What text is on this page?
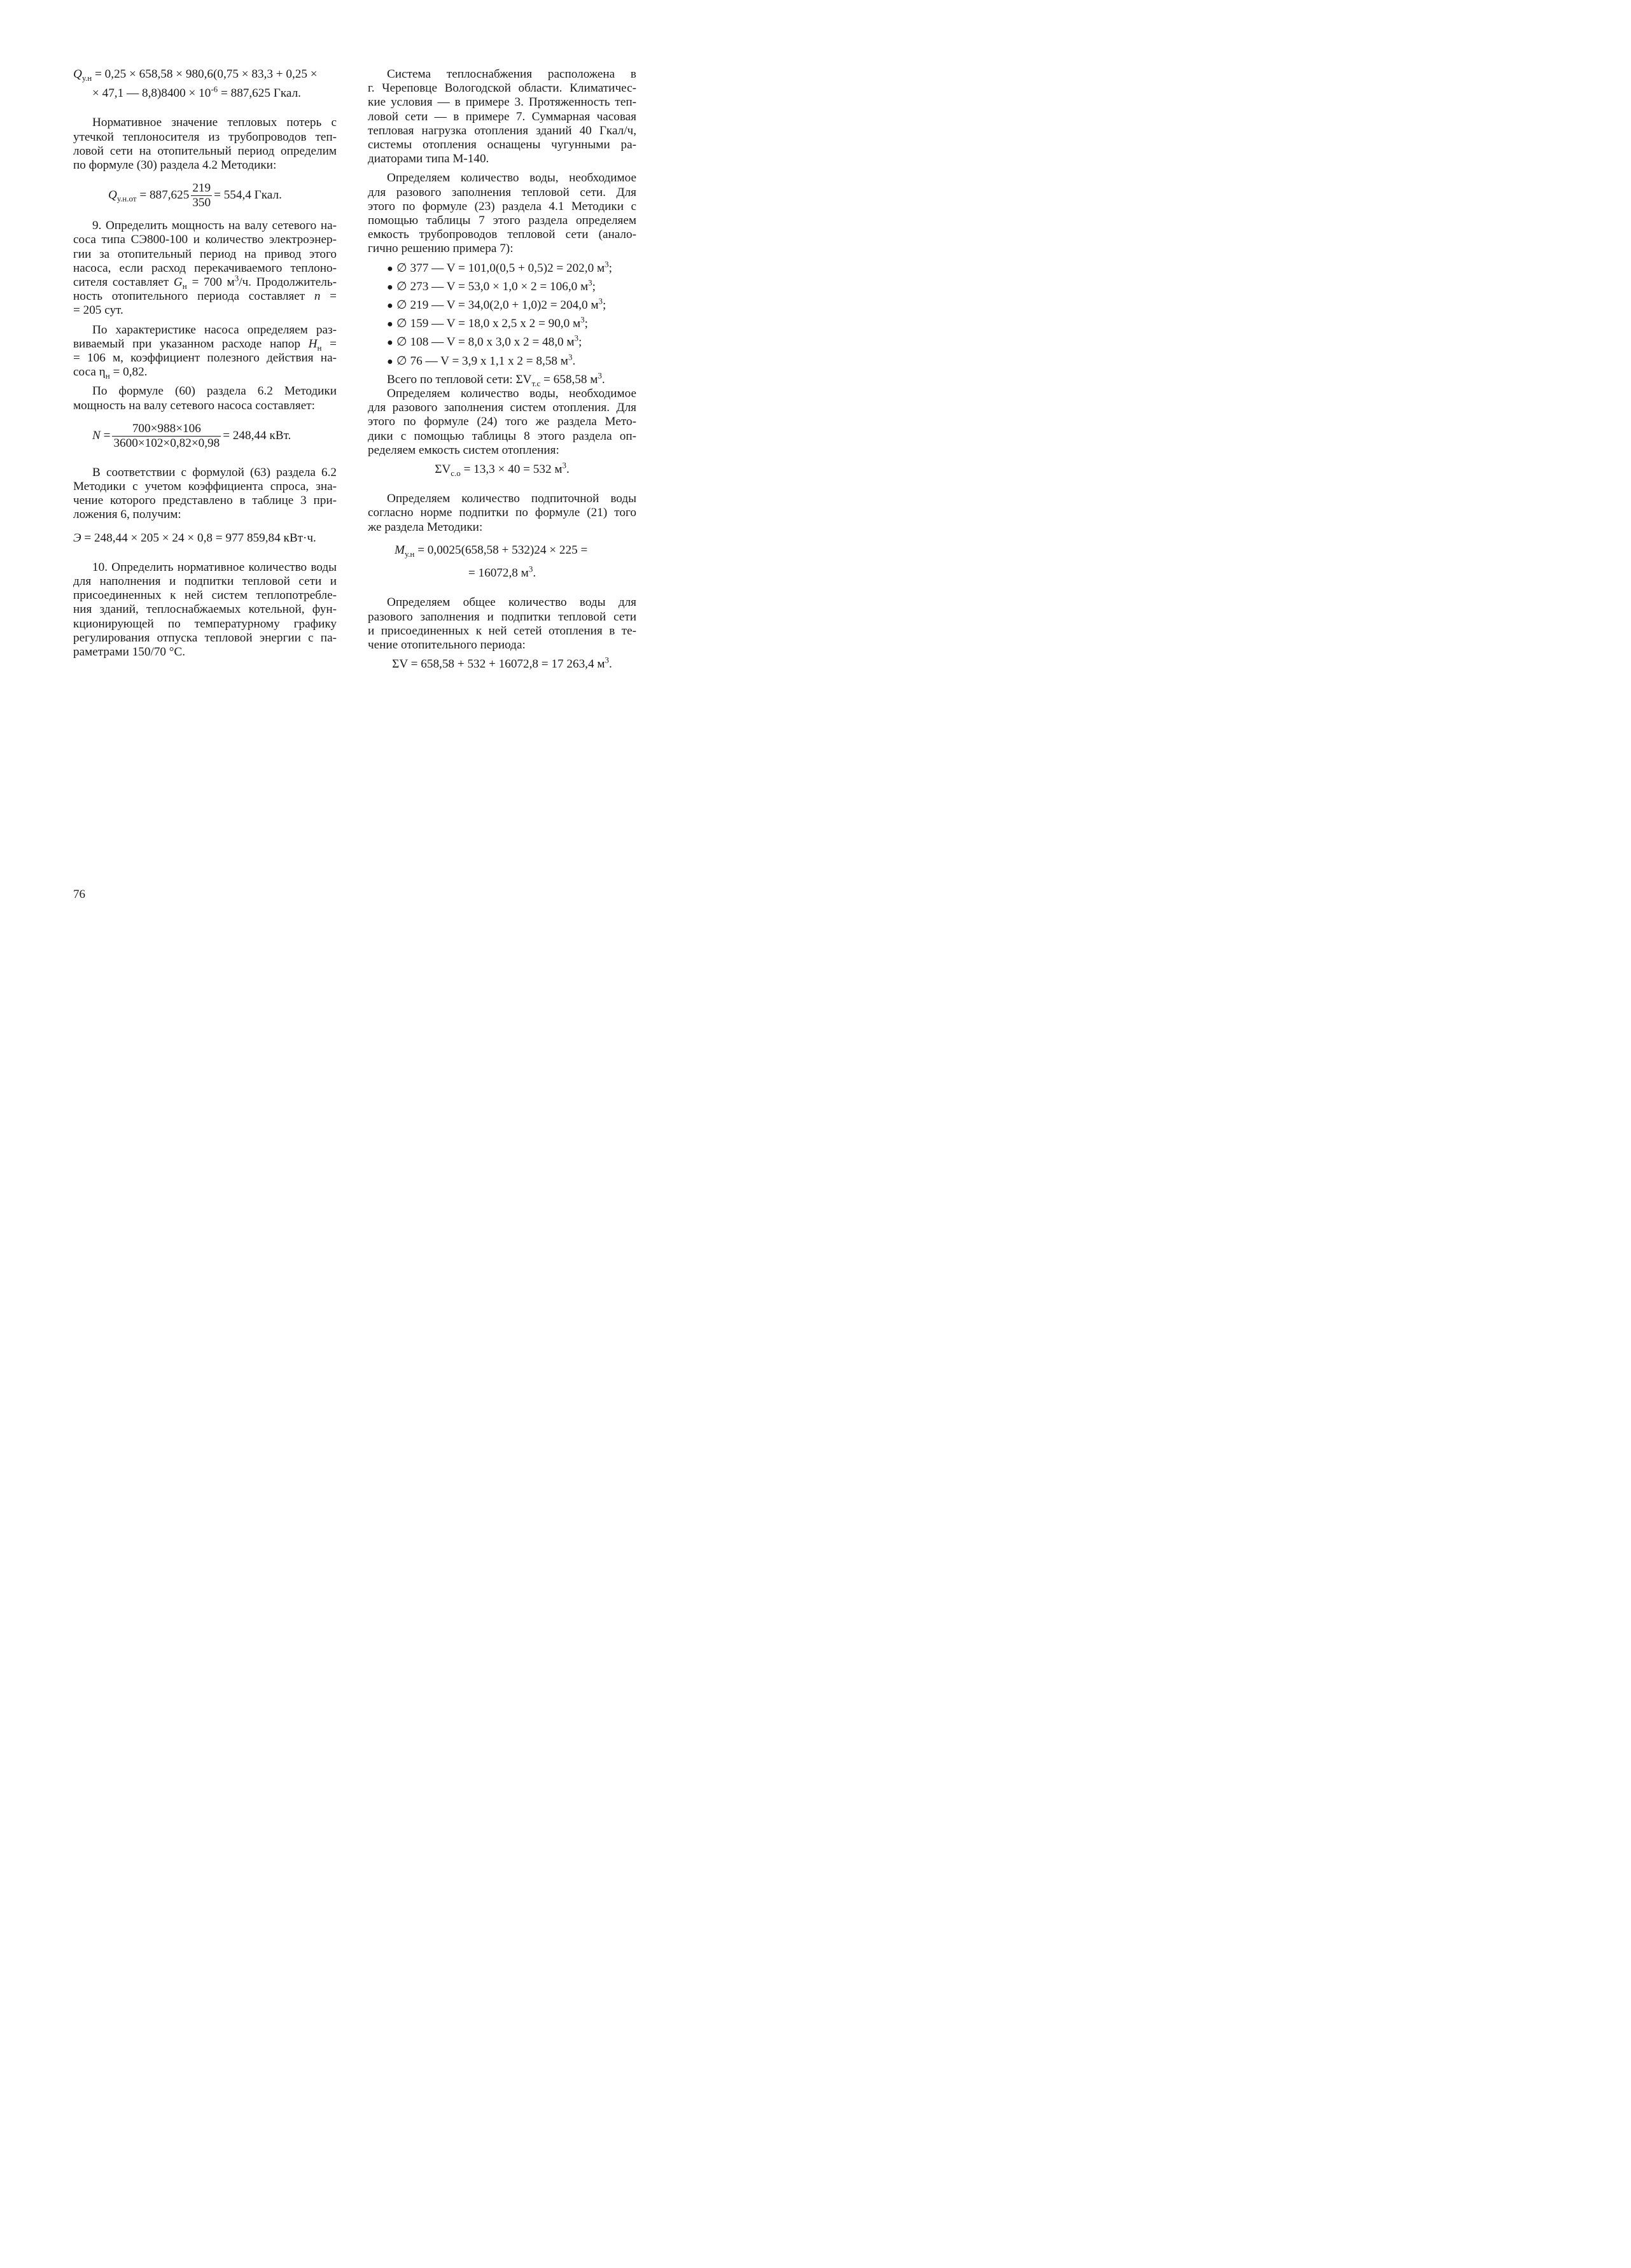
$Q_{у.н} = 0,25 \times 658,58 \times 980,6(0,75 \times 83,3 + 0,25$ ×

× 47,1 — $8,8)8400 \times 10^{-6} = 887,625$ Гкал.

Нормативное значение тепловых потерь с

утечкой теплоносителя из трубопроводов теп-

ловой сети на отопительный период определим

по формуле (30) раздела 4.2 Методики:

$Q_{у.н.от} = 887,625 \frac{219}{350} = 554,4$ Гкал.

9. Определить мощность на валу сетевого на-

соса типа СЭ800-100 и количество электроэнер-

гии за отопительный период на привод этого

насоса, если расход перекачиваемого теплоно-

сителя составляет $G_н = 700$ $м^3/ч$. Продолжитель-

ность отопительного периода составляет n =

= 205 сут.

По характеристике насоса определяем раз-

виваемый при указанном расходе напор $H_н$ =

= 106 м, коэффициент полезного действия на-

соса $\eta_н = 0,82$.

По формуле (60) раздела 6.2 Методики

мощность на валу сетевого насоса составляет:

$N = \frac{700\times 988\times 106}{3600\times 102\times 0,82\times 0,98} = 248,44$ кВт.

В соответствии с формулой (63) раздела 6.2

Методики с учетом коэффициента спроса, зна-

чение которого представлено в таблице 3 при-

ложения 6, получим:

Э = 248,44 × 205 × 24 × 0,8 = 977 859,84 кВт·ч.

10. Определить нормативное количество воды

для наполнения и подпитки тепловой сети и

присоединенных к ней систем теплопотребле-

ния зданий, теплоснабжаемых котельной, фун-

кционирующей по температурному графику

регулирования отпуска тепловой энергии с па-

раметрами 150/70 °С.

Система теплоснабжения расположена в

г. Череповце Вологодской области. Климатичес-

кие условия — в примере 3. Протяженность теп-

ловой сети — в примере 7. Суммарная часовая

тепловая нагрузка отопления зданий 40 Гкал/ч,

системы отопления оснащены чугунными ра-

диаторами типа М-140.

Определяем количество воды, необходимое

для разового заполнения тепловой сети. Для

этого по формуле (23) раздела 4.1 Методики с

помощью таблицы 7 этого раздела определяем

емкость трубопроводов тепловой сети (анало-

гично решению примера 7):

● ∅ 377 — V = 101,0(0,5 + 0,5)2 = 202,0 $м^3$;
● ∅ 273 — V = 53,0 × 1,0 × 2 = 106,0 $м^3$;
● ∅ 219 — V = 34,0(2,0 + 1,0)2 = 204,0 $м^3$;
● ∅ 159 — V = 18,0 x 2,5 x 2 = 90,0 $м^3$;
● ∅ 108 — V = 8,0 x 3,0 x 2 = 48,0 $м^3$;
● ∅ 76 — V = 3,9 x 1,1 x 2 = 8,58 $м^3$.

Всего по тепловой сети: $\Sigma V_{т.с} = 658,58$ $м^3$.

Определяем количество воды, необходимое

для разового заполнения систем отопления. Для

этого по формуле (24) того же раздела Мето-

дики с помощью таблицы 8 этого раздела оп-

ределяем емкость систем отопления:

$\Sigma V_{с.о} = 13,3 \times 40 = 532$ $м^3$.

Определяем количество подпиточной воды

согласно норме подпитки по формуле (21) того

же раздела Методики:

$M_{у.н} = 0,0025(658,58 + 532)24 \times 225$ =

= 16072,8 $м^3$.

Определяем общее количество воды для

разового заполнения и подпитки тепловой сети

и присоединенных к ней сетей отопления в те-

чение отопительного периода:

ΣV = 658,58 + 532 + 16072,8 = 17 263,4 $м^3$.

76
